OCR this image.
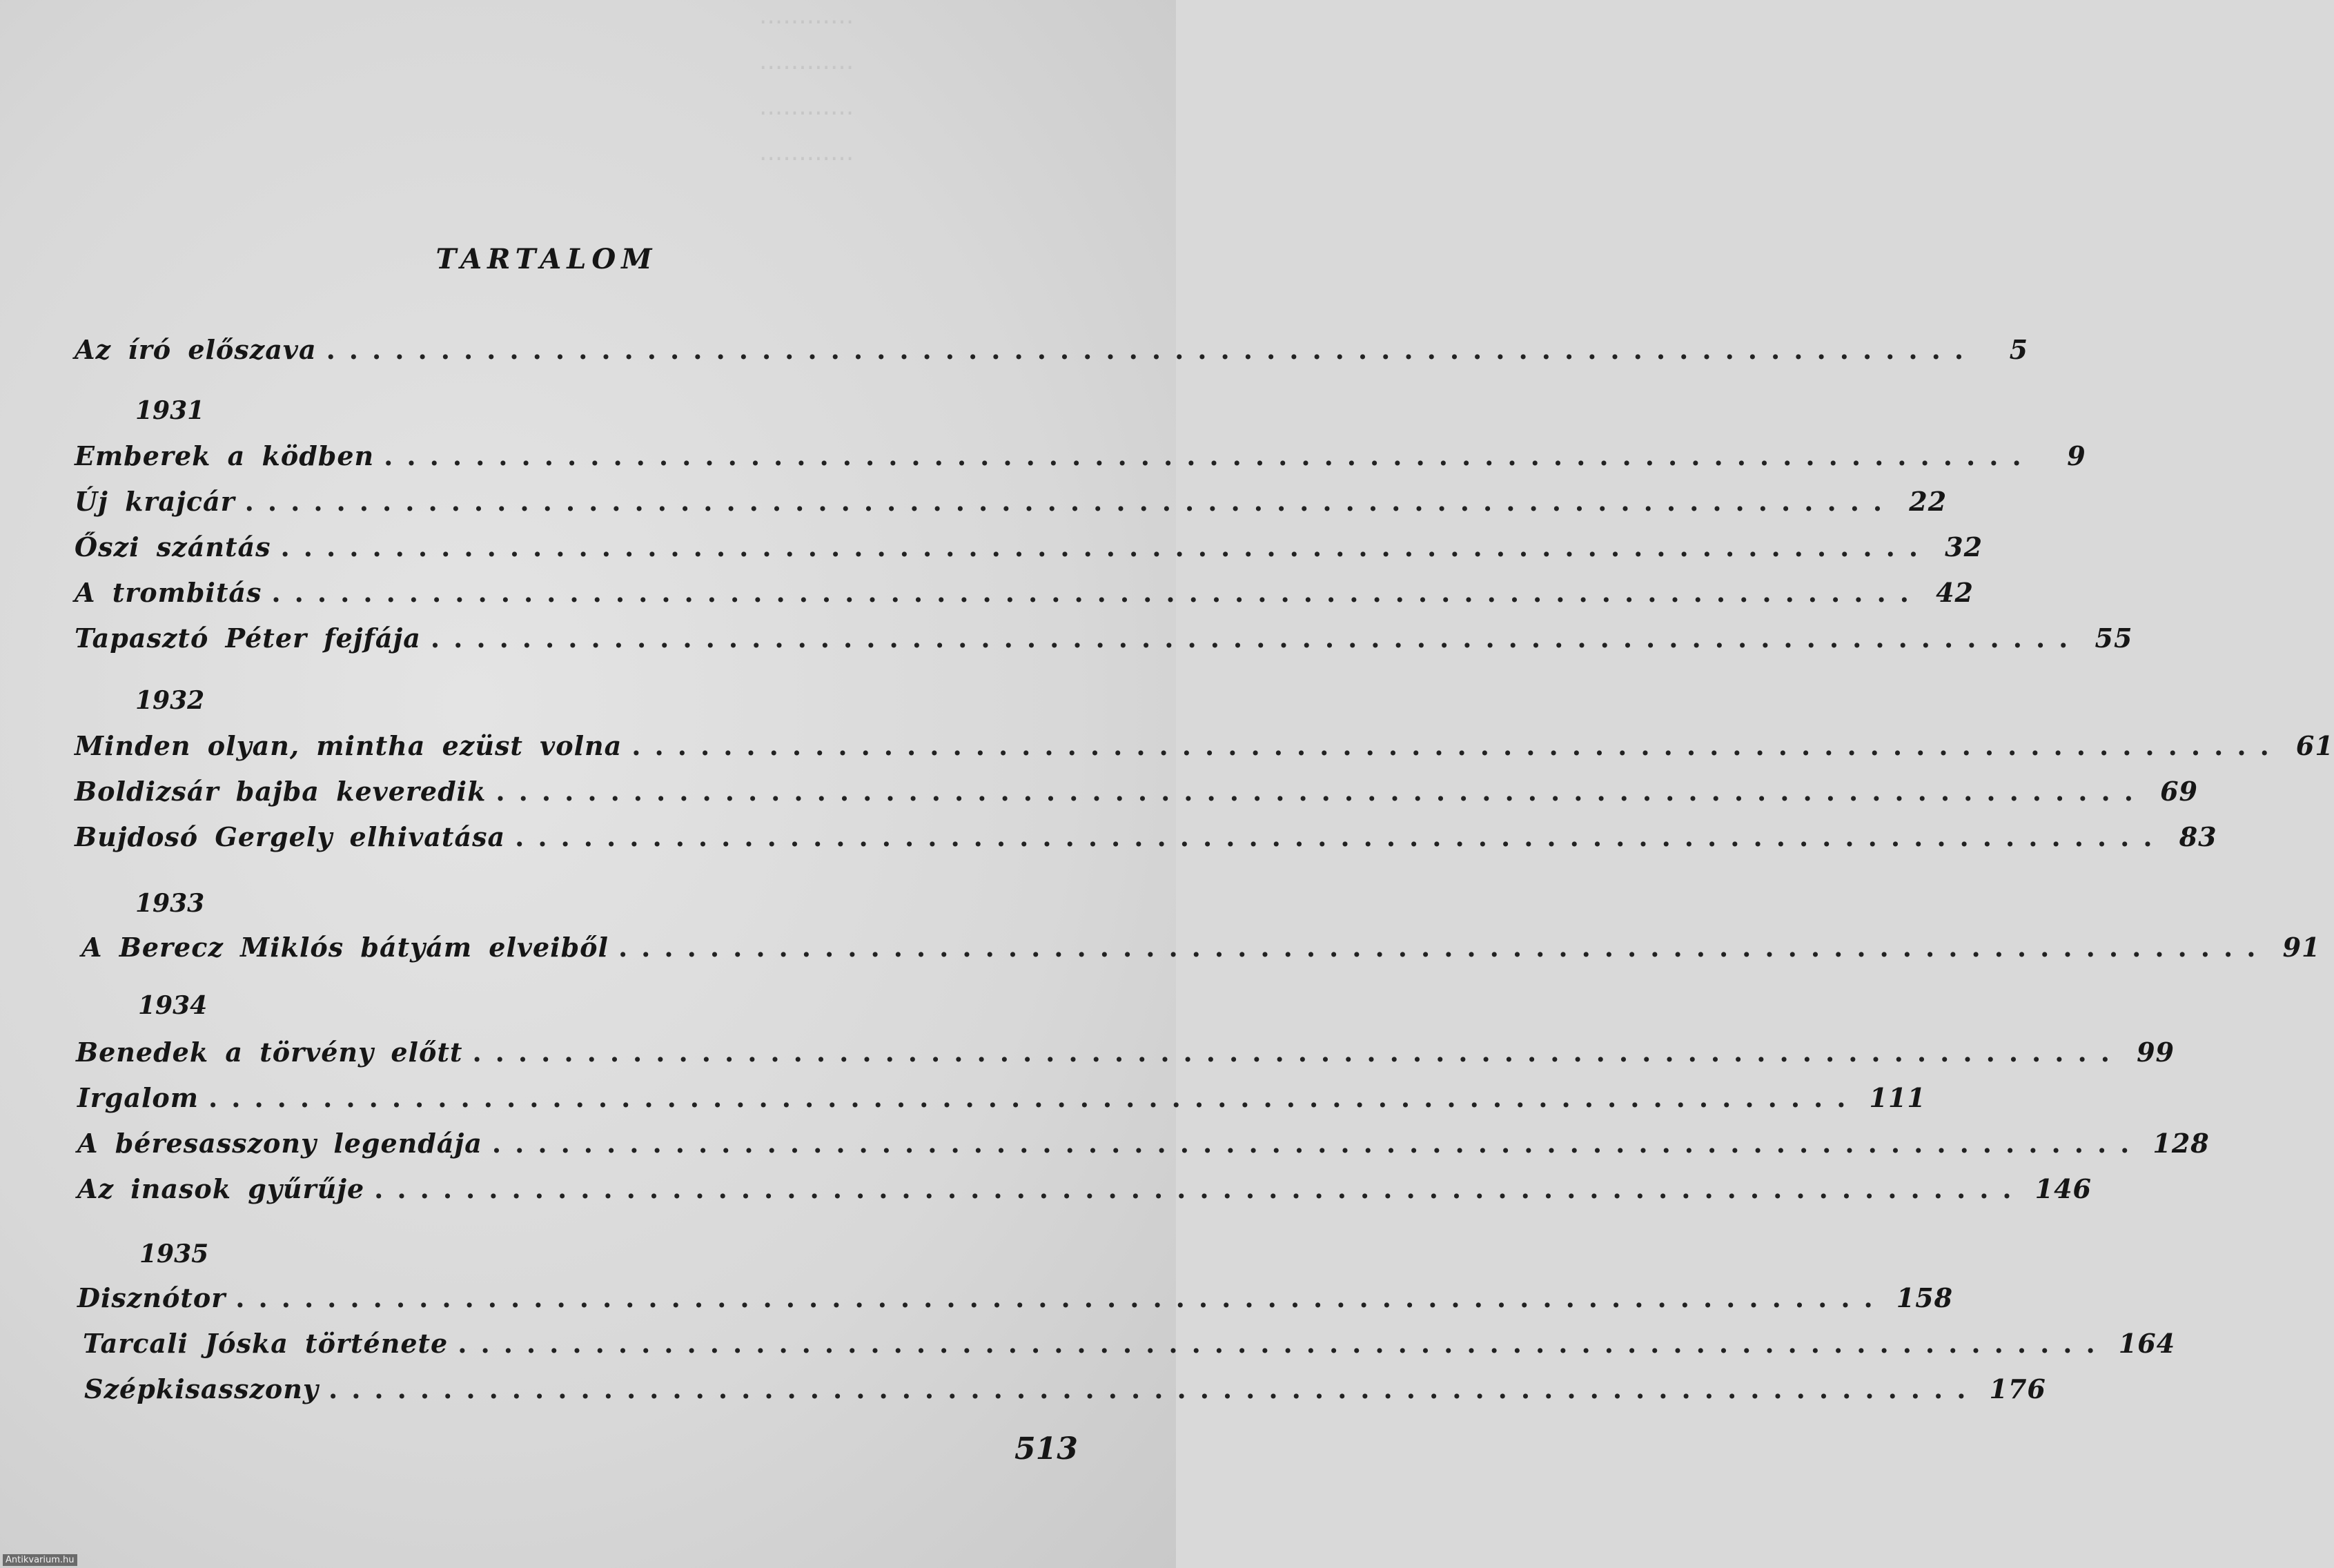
············
············
············
············
TARTALOM
Az író előszava ........................................................................	5
1931
Emberek a ködben ........................................................................	9
Új krajcár ........................................................................ 22
Őszi szántás ........................................................................ 32
A trombitás ........................................................................ 42
Tapasztó Péter fejfája ........................................................................ 55
1932
Minden olyan, mintha ezüst volna ........................................................................ 61
Boldizsár bajba keveredik ........................................................................ 69
Bujdosó Gergely elhivatása ........................................................................ 83
1933
A Berecz Miklós bátyám elveiből ........................................................................ 91
1934
Benedek a törvény előtt ........................................................................ 99
Irgalom ........................................................................ 111
A béresasszony legendája ........................................................................ 128
Az inasok gyűrűje ........................................................................ 146
1935
Disznótor ........................................................................ 158
Tarcali Jóska története ........................................................................ 164
Szépkisasszony ........................................................................ 176
513
Antikvarium.hu
